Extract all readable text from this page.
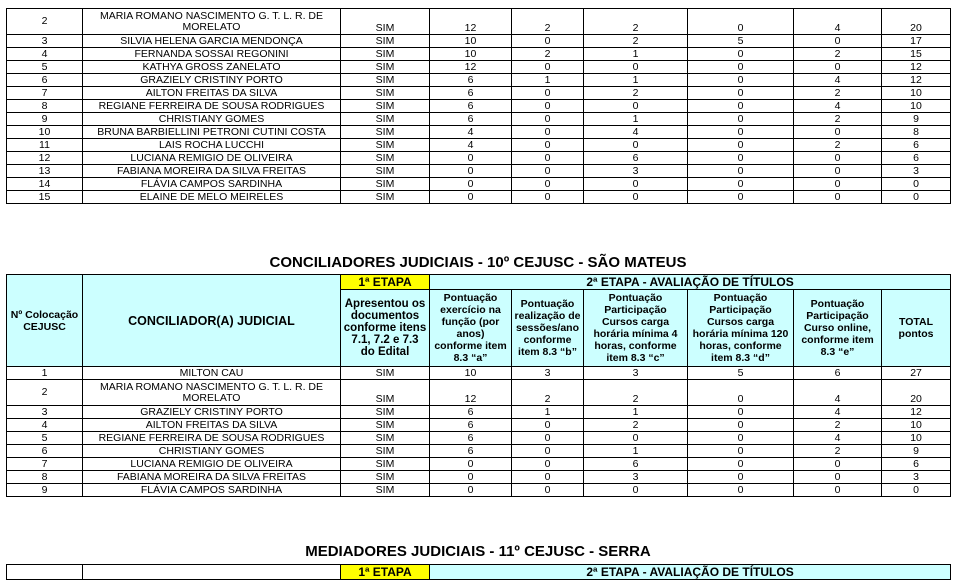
2	MARIA ROMANO NASCIMENTO G. T. L. R. DE MORELATO	SIM	12	2	2	0	4	20
3	SILVIA HELENA GARCIA MENDONÇA	SIM	10	0	2	5	0	17
4	FERNANDA SOSSAI REGONINI	SIM	10	2	1	0	2	15
5	KATHYA GROSS ZANELATO	SIM	12	0	0	0	0	12
6	GRAZIELY CRISTINY PORTO	SIM	6	1	1	0	4	12
7	AILTON FREITAS DA SILVA	SIM	6	0	2	0	2	10
8	REGIANE FERREIRA DE SOUSA RODRIGUES	SIM	6	0	0	0	4	10
9	CHRISTIANY GOMES	SIM	6	0	1	0	2	9
10	BRUNA BARBIELLINI PETRONI CUTINI COSTA	SIM	4	0	4	0	0	8
11	LAIS ROCHA LUCCHI	SIM	4	0	0	0	2	6
12	LUCIANA REMIGIO DE OLIVEIRA	SIM	0	0	6	0	0	6
13	FABIANA MOREIRA DA SILVA FREITAS	SIM	0	0	3	0	0	3
14	FLÁVIA CAMPOS SARDINHA	SIM	0	0	0	0	0	0
15	ELAINE DE MELO MEIRELES	SIM	0	0	0	0	0	0
CONCILIADORES JUDICIAIS - 10º CEJUSC - SÃO MATEUS
Nº Colocação CEJUSC	CONCILIADOR(A) JUDICIAL	1ª ETAPA	2ª ETAPA - AVALIAÇÃO DE TÍTULOS					
		Apresentou os documentos conforme itens 7.1, 7.2 e 7.3 do Edital	Pontuação exercício na função (por anos) conforme item 8.3 “a”	Pontuação realização de sessões/ano conforme item 8.3 “b”	Pontuação Participação Cursos carga horária mínima 4 horas, conforme item 8.3 “c”	Pontuação Participação Cursos carga horária mínima 120 horas, conforme item 8.3 “d”	Pontuação Participação Curso online, conforme item 8.3 “e”	TOTAL pontos
1	MILTON CAU	SIM	10	3	3	5	6	27
2	MARIA ROMANO NASCIMENTO G. T. L. R. DE MORELATO	SIM	12	2	2	0	4	20
3	GRAZIELY CRISTINY PORTO	SIM	6	1	1	0	4	12
4	AILTON FREITAS DA SILVA	SIM	6	0	2	0	2	10
5	REGIANE FERREIRA DE SOUSA RODRIGUES	SIM	6	0	0	0	4	10
6	CHRISTIANY GOMES	SIM	6	0	1	0	2	9
7	LUCIANA REMIGIO DE OLIVEIRA	SIM	0	0	6	0	0	6
8	FABIANA MOREIRA DA SILVA FREITAS	SIM	0	0	3	0	0	3
9	FLÁVIA CAMPOS SARDINHA	SIM	0	0	0	0	0	0
MEDIADORES JUDICIAIS - 11º CEJUSC - SERRA
		1ª ETAPA	2ª ETAPA - AVALIAÇÃO DE TÍTULOS
